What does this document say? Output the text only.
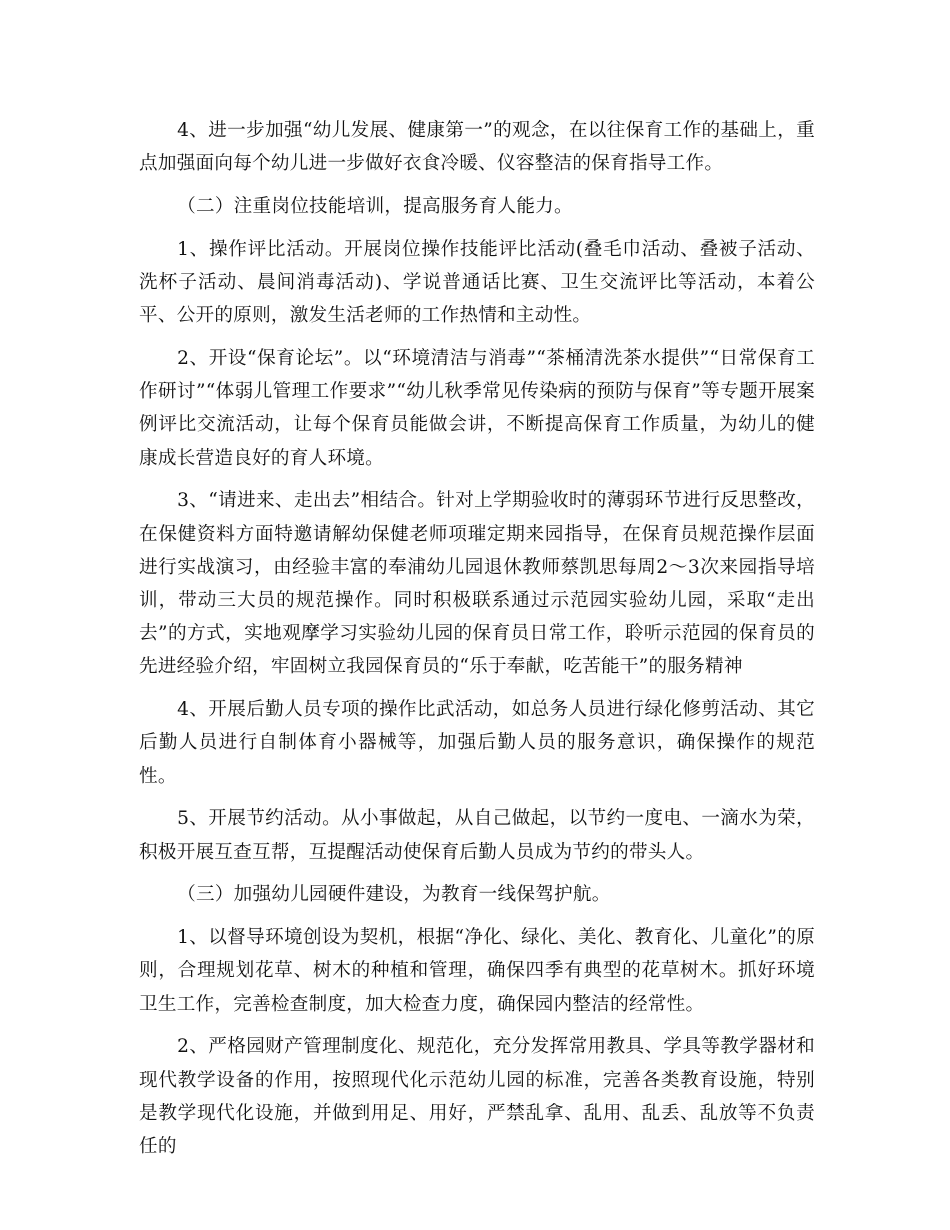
4、进一步加强“幼儿发展、健康第一”的观念，在以往保育工作的基础上，重点加强面向每个幼儿进一步做好衣食冷暖、仪容整洁的保育指导工作。

（二）注重岗位技能培训，提高服务育人能力。

1、操作评比活动。开展岗位操作技能评比活动(叠毛巾活动、叠被子活动、洗杯子活动、晨间消毒活动)、学说普通话比赛、卫生交流评比等活动，本着公平、公开的原则，激发生活老师的工作热情和主动性。

2、开设“保育论坛”。以“环境清洁与消毒”“茶桶清洗茶水提供”“日常保育工作研讨”“体弱儿管理工作要求”“幼儿秋季常见传染病的预防与保育”等专题开展案例评比交流活动，让每个保育员能做会讲，不断提高保育工作质量，为幼儿的健康成长营造良好的育人环境。

3、“请进来、走出去”相结合。针对上学期验收时的薄弱环节进行反思整改，在保健资料方面特邀请解幼保健老师项璀定期来园指导，在保育员规范操作层面进行实战演习，由经验丰富的奉浦幼儿园退休教师蔡凯思每周2～3次来园指导培训，带动三大员的规范操作。同时积极联系通过示范园实验幼儿园，采取“走出去”的方式，实地观摩学习实验幼儿园的保育员日常工作，聆听示范园的保育员的先进经验介绍，牢固树立我园保育员的“乐于奉献，吃苦能干”的服务精神

4、开展后勤人员专项的操作比武活动，如总务人员进行绿化修剪活动、其它后勤人员进行自制体育小器械等，加强后勤人员的服务意识，确保操作的规范性。

5、开展节约活动。从小事做起，从自己做起，以节约一度电、一滴水为荣，积极开展互查互帮，互提醒活动使保育后勤人员成为节约的带头人。

（三）加强幼儿园硬件建设，为教育一线保驾护航。

1、以督导环境创设为契机，根据“净化、绿化、美化、教育化、儿童化”的原则，合理规划花草、树木的种植和管理，确保四季有典型的花草树木。抓好环境卫生工作，完善检查制度，加大检查力度，确保园内整洁的经常性。

2、严格园财产管理制度化、规范化，充分发挥常用教具、学具等教学器材和现代教学设备的作用，按照现代化示范幼儿园的标准，完善各类教育设施，特别是教学现代化设施，并做到用足、用好，严禁乱拿、乱用、乱丢、乱放等不负责任的
